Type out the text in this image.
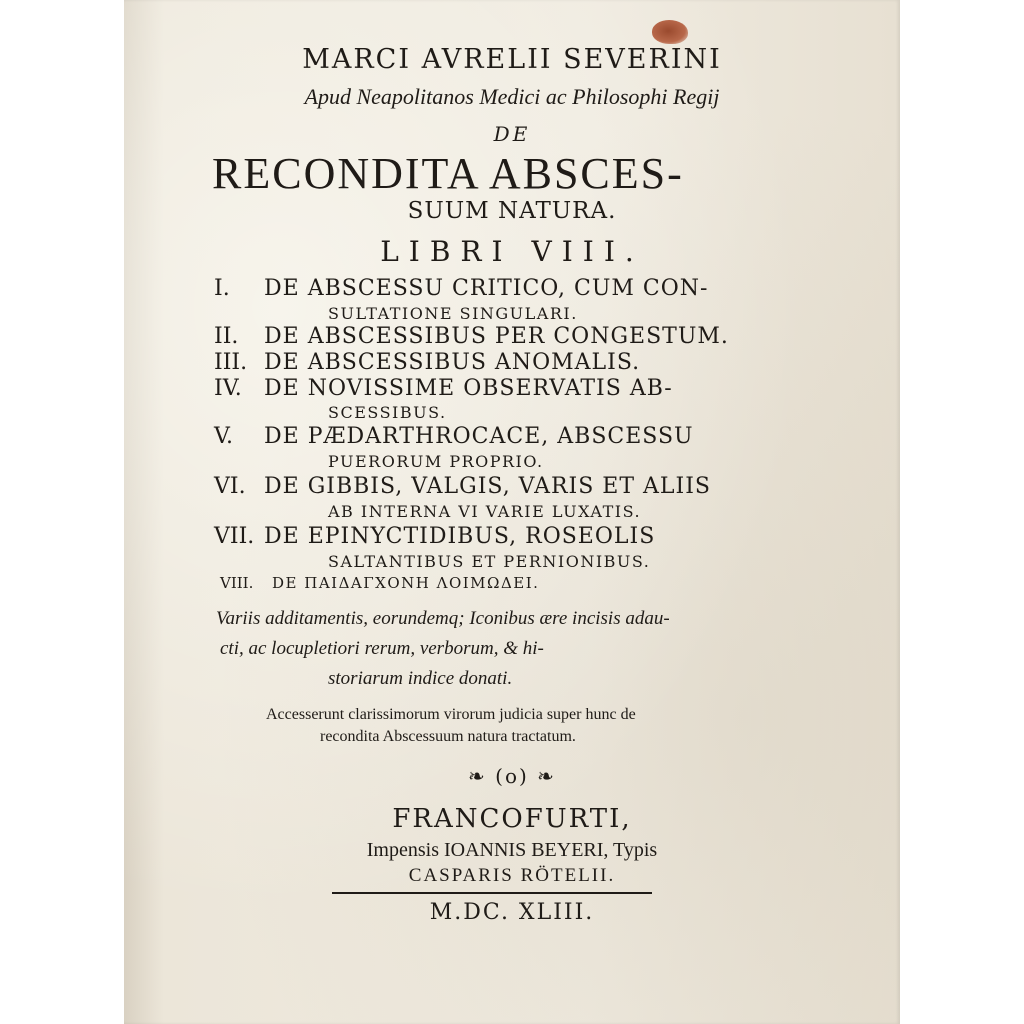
MARCI AVRELII SEVERINI
Apud Neapolitanos Medici ac Philosophi Regij
DE
RECONDITA ABSCES-
SUUM NATURA.
LIBRI VIII.
I. DE ABSCESSU CRITICO, CUM CON-
SULTATIONE SINGULARI.
II. DE ABSCESSIBUS PER CONGESTUM.
III. DE ABSCESSIBUS ANOMALIS.
IV. DE NOVISSIME OBSERVATIS AB-
SCESSIBUS.
V. DE PÆDARTHROCACE, ABSCESSU
PUERORUM PROPRIO.
VI. DE GIBBIS, VALGIS, VARIS ET ALIIS
AB INTERNA VI VARIE LUXATIS.
VII. DE EPINYCTIDIBUS, ROSEOLIS
SALTANTIBUS ET PERNIONIBUS.
VIII. DE ΠΑΙΔΑΓΧΟΝΗ ΛΟΙΜΩΔΕΙ.
Variis additamentis, eorundemq; Iconibus ære incisis adau-
cti, ac locupletiori rerum, verborum, & hi-
storiarum indice donati.
Accesserunt clarissimorum virorum judicia super hunc de
recondita Abscessuum natura tractatum.
❧ (o) ❧
FRANCOFURTI,
Impensis IOANNIS BEYERI, Typis
CASPARIS RÖTELII.
M.DC. XLIII.
